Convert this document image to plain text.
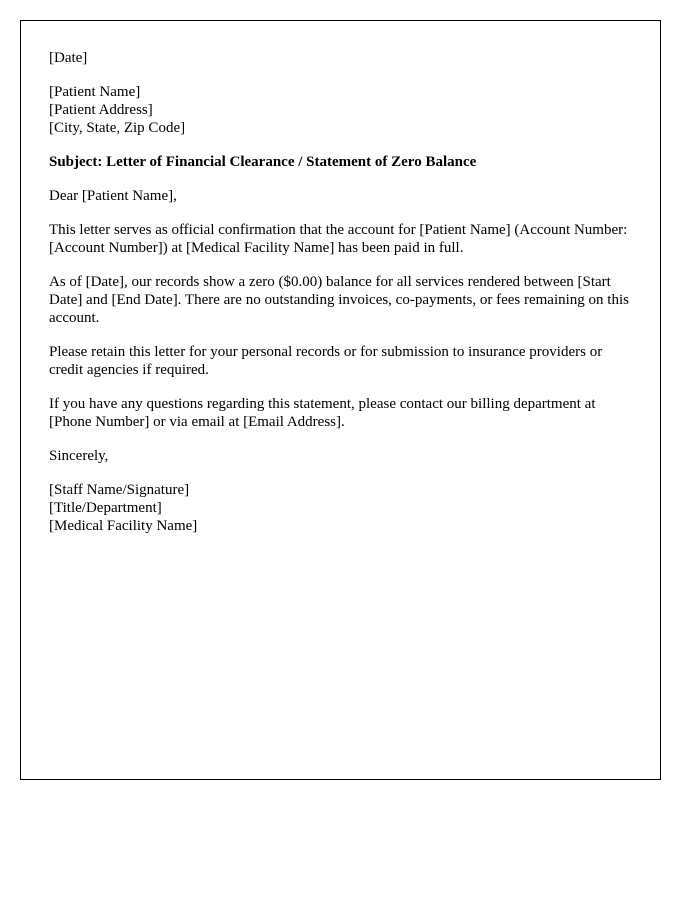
[Date]
[Patient Name]
[Patient Address]
[City, State, Zip Code]
Subject: Letter of Financial Clearance / Statement of Zero Balance

Dear [Patient Name],

This letter serves as official confirmation that the account for [Patient Name] (Account Number: [Account Number]) at [Medical Facility Name] has been paid in full.

As of [Date], our records show a zero ($0.00) balance for all services rendered between [Start Date] and [End Date]. There are no outstanding invoices, co-payments, or fees remaining on this account.

Please retain this letter for your personal records or for submission to insurance providers or credit agencies if required.

If you have any questions regarding this statement, please contact our billing department at [Phone Number] or via email at [Email Address].

Sincerely,

[Staff Name/Signature]
[Title/Department]
[Medical Facility Name]
